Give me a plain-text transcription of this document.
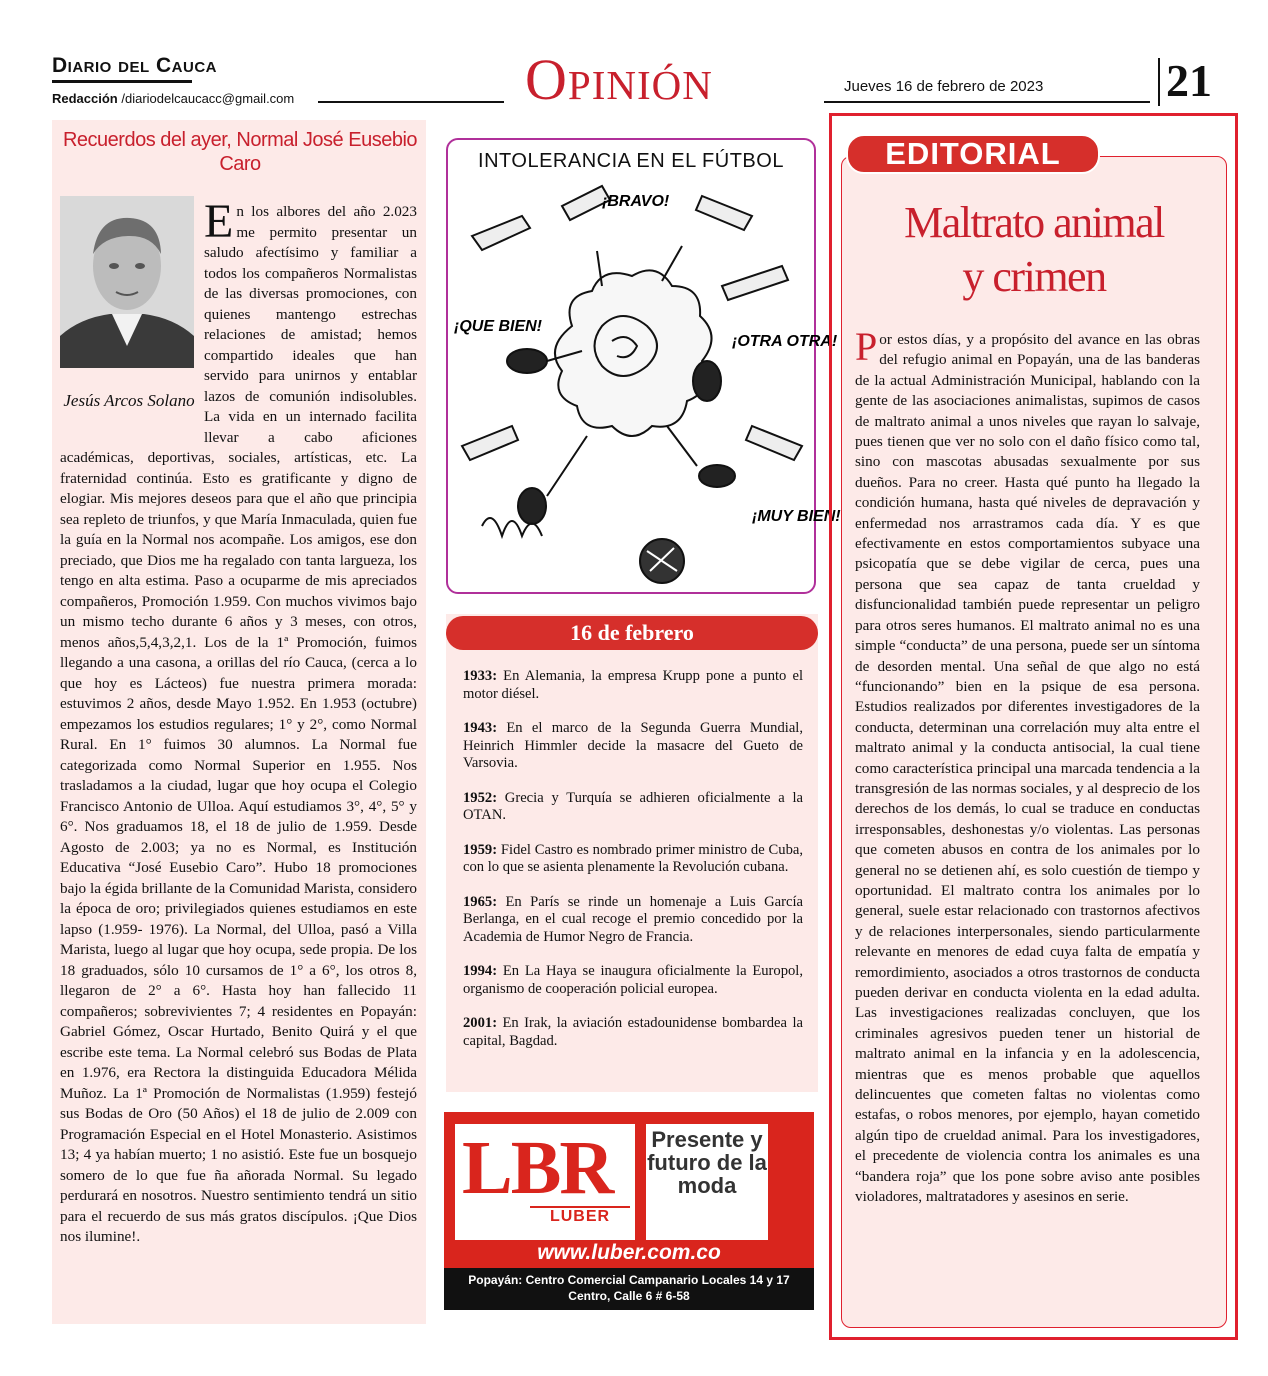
Diario del Cauca
Redacción /diariodelcaucacc@gmail.com	Opinión	Jueves 16 de febrero de 2023	21
Recuerdos del ayer, Normal José Eusebio Caro
Jesús Arcos Solano
En los albores del año 2.023 me permito presentar un saludo afectísimo y familiar a todos los compañeros Normalistas de las diversas promociones, con quienes mantengo estrechas relaciones de amistad; hemos compartido ideales que han servido para unirnos y entablar lazos de comunión indisolubles. La vida en un internado facilita llevar a cabo aficiones académicas, deportivas, sociales, artísticas, etc. La fraternidad continúa. Esto es gratificante y digno de elogiar. Mis mejores deseos para que el año que principia sea repleto de triunfos, y que María Inmaculada, quien fue la guía en la Normal nos acompañe. Los amigos, ese don preciado, que Dios me ha regalado con tanta largueza, los tengo en alta estima. Paso a ocuparme de mis apreciados compañeros, Promoción 1.959. Con muchos vivimos bajo un mismo techo durante 6 años y 3 meses, con otros, menos años,5,4,3,2,1. Los de la 1ª Promoción, fuimos llegando a una casona, a orillas del río Cauca, (cerca a lo que hoy es Lácteos) fue nuestra primera morada: estuvimos 2 años, desde Mayo 1.952. En 1.953 (octubre) empezamos los estudios regulares; 1° y 2°, como Normal Rural. En 1° fuimos 30 alumnos. La Normal fue categorizada como Normal Superior en 1.955. Nos trasladamos a la ciudad, lugar que hoy ocupa el Colegio Francisco Antonio de Ulloa. Aquí estudiamos 3°, 4°, 5° y 6°. Nos graduamos 18, el 18 de julio de 1.959. Desde Agosto de 2.003; ya no es Normal, es Institución Educativa “José Eusebio Caro”. Hubo 18 promociones bajo la égida brillante de la Comunidad Marista, considero la época de oro; privilegiados quienes estudiamos en este lapso (1.959- 1976). La Normal, del Ulloa, pasó a Villa Marista, luego al lugar que hoy ocupa, sede propia. De los 18 graduados, sólo 10 cursamos de 1° a 6°, los otros 8, llegaron de 2° a 6°. Hasta hoy han fallecido 11 compañeros; sobrevivientes 7; 4 residentes en Popayán: Gabriel Gómez, Oscar Hurtado, Benito Quirá y el que escribe este tema. La Normal celebró sus Bodas de Plata en 1.976, era Rectora la distinguida Educadora Mélida Muñoz. La 1ª Promoción de Normalistas (1.959) festejó sus Bodas de Oro (50 Años) el 18 de julio de 2.009 con Programación Especial en el Hotel Monasterio. Asistimos 13; 4 ya habían muerto; 1 no asistió. Este fue un bosquejo somero de lo que fue ña añorada Normal. Su legado perdurará en nosotros. Nuestro sentimiento tendrá un sitio para el recuerdo de sus más gratos discípulos. ¡Que Dios nos ilumine!.
INTOLERANCIA EN EL FÚTBOL
¡BRAVO!
¡QUE BIEN!
¡OTRA OTRA!
¡MUY BIEN!
16 de febrero
1933: En Alemania, la empresa Krupp pone a punto el motor diésel.
1943: En el marco de la Segunda Guerra Mundial, Heinrich Himmler decide la masacre del Gueto de Varsovia.
1952: Grecia y Turquía se adhieren oficialmente a la OTAN.
1959: Fidel Castro es nombrado primer ministro de Cuba, con lo que se asienta plenamente la Revolución cubana.
1965: En París se rinde un homenaje a Luis García Berlanga, en el cual recoge el premio concedido por la Academia de Humor Negro de Francia.
1994: En La Haya se inaugura oficialmente la Europol, organismo de cooperación policial europea.
2001: En Irak, la aviación estadounidense bombardea la capital, Bagdad.
LBR
LUBER
Presente y futuro de la moda
www.luber.com.co
Popayán: Centro Comercial Campanario Locales 14 y 17
Centro, Calle 6 # 6-58
EDITORIAL
Maltrato animal
y crimen
Por estos días, y a propósito del avance en las obras del refugio animal en Popayán, una de las banderas de la actual Administración Municipal, hablando con la gente de las asociaciones animalistas, supimos de casos de maltrato animal a unos niveles que rayan lo salvaje, pues tienen que ver no solo con el daño físico como tal, sino con mascotas abusadas sexualmente por sus dueños. Para no creer. Hasta qué punto ha llegado la condición humana, hasta qué niveles de depravación y enfermedad nos arrastramos cada día. Y es que efectivamente en estos comportamientos subyace una psicopatía que se debe vigilar de cerca, pues una persona que sea capaz de tanta crueldad y disfuncionalidad también puede representar un peligro para otros seres humanos. El maltrato animal no es una simple “conducta” de una persona, puede ser un síntoma de desorden mental. Una señal de que algo no está “funcionando” bien en la psique de esa persona. Estudios realizados por diferentes investigadores de la conducta, determinan una correlación muy alta entre el maltrato animal y la conducta antisocial, la cual tiene como característica principal una marcada tendencia a la transgresión de las normas sociales, y al desprecio de los derechos de los demás, lo cual se traduce en conductas irresponsables, deshonestas y/o violentas. Las personas que cometen abusos en contra de los animales por lo general no se detienen ahí, es solo cuestión de tiempo y oportunidad. El maltrato contra los animales por lo general, suele estar relacionado con trastornos afectivos y de relaciones interpersonales, siendo particularmente relevante en menores de edad cuya falta de empatía y remordimiento, asociados a otros trastornos de conducta pueden derivar en conducta violenta en la edad adulta. Las investigaciones realizadas concluyen, que los criminales agresivos pueden tener un historial de maltrato animal en la infancia y en la adolescencia, mientras que es menos probable que aquellos delincuentes que cometen faltas no violentas como estafas, o robos menores, por ejemplo, hayan cometido algún tipo de crueldad animal. Para los investigadores, el precedente de violencia contra los animales es una “bandera roja” que los pone sobre aviso ante posibles violadores, maltratadores y asesinos en serie.
